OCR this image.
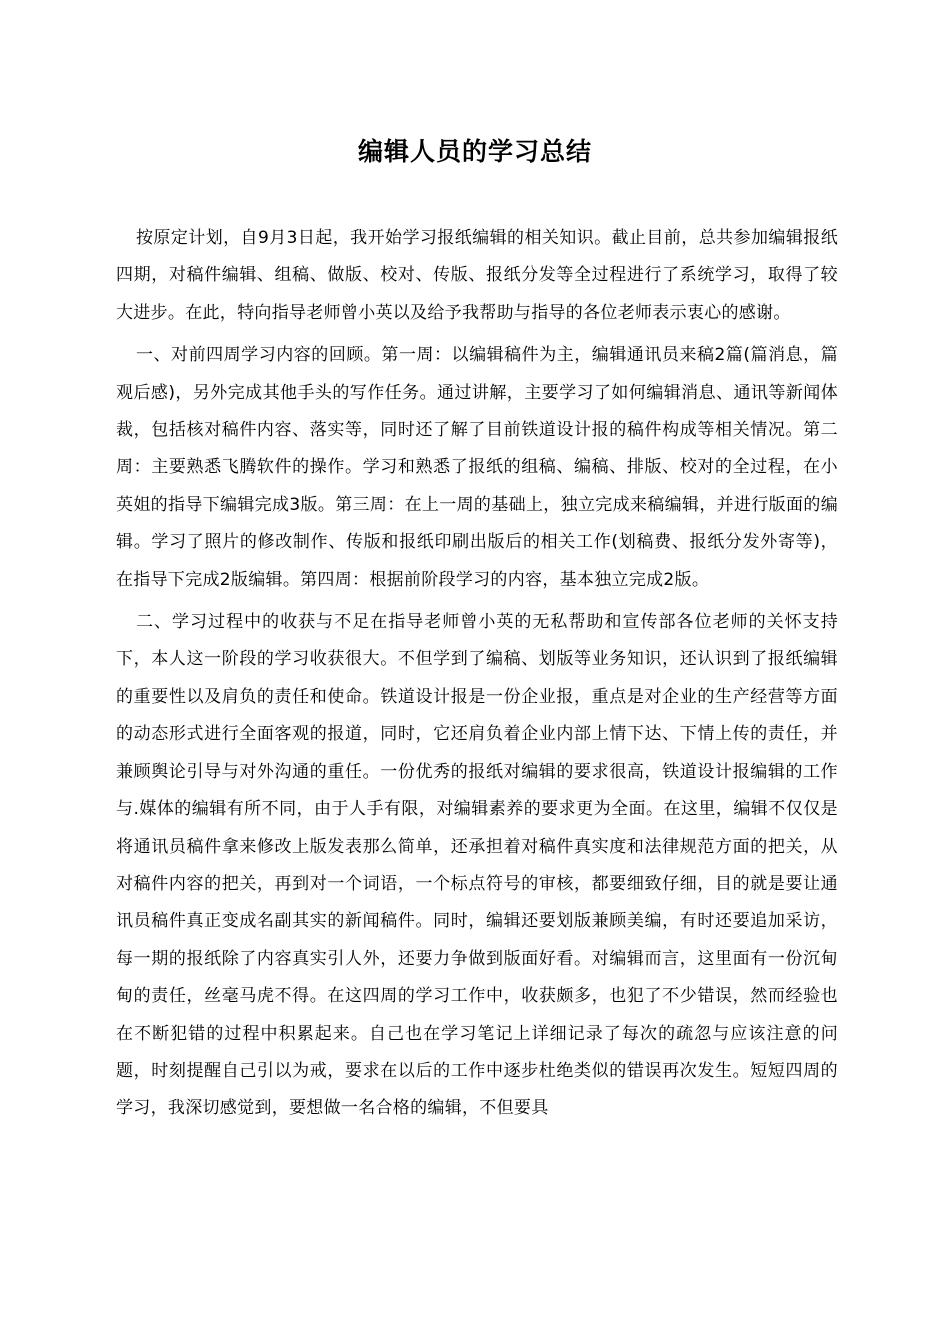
编辑人员的学习总结

按原定计划，自9月3日起，我开始学习报纸编辑的相关知识。截止目前，总共参加编辑报纸四期，对稿件编辑、组稿、做版、校对、传版、报纸分发等全过程进行了系统学习，取得了较大进步。在此，特向指导老师曾小英以及给予我帮助与指导的各位老师表示衷心的感谢。

一、对前四周学习内容的回顾。第一周：以编辑稿件为主，编辑通讯员来稿2篇(篇消息，篇观后感)，另外完成其他手头的写作任务。通过讲解，主要学习了如何编辑消息、通讯等新闻体裁，包括核对稿件内容、落实等，同时还了解了目前铁道设计报的稿件构成等相关情况。第二周：主要熟悉飞腾软件的操作。学习和熟悉了报纸的组稿、编稿、排版、校对的全过程，在小英姐的指导下编辑完成3版。第三周：在上一周的基础上，独立完成来稿编辑，并进行版面的编辑。学习了照片的修改制作、传版和报纸印刷出版后的相关工作(划稿费、报纸分发外寄等)，在指导下完成2版编辑。第四周：根据前阶段学习的内容，基本独立完成2版。

二、学习过程中的收获与不足在指导老师曾小英的无私帮助和宣传部各位老师的关怀支持下，本人这一阶段的学习收获很大。不但学到了编稿、划版等业务知识，还认识到了报纸编辑的重要性以及肩负的责任和使命。铁道设计报是一份企业报，重点是对企业的生产经营等方面的动态形式进行全面客观的报道，同时，它还肩负着企业内部上情下达、下情上传的责任，并兼顾舆论引导与对外沟通的重任。一份优秀的报纸对编辑的要求很高，铁道设计报编辑的工作与.媒体的编辑有所不同，由于人手有限，对编辑素养的要求更为全面。在这里，编辑不仅仅是将通讯员稿件拿来修改上版发表那么简单，还承担着对稿件真实度和法律规范方面的把关，从对稿件内容的把关，再到对一个词语，一个标点符号的审核，都要细致仔细，目的就是要让通讯员稿件真正变成名副其实的新闻稿件。同时，编辑还要划版兼顾美编，有时还要追加采访，每一期的报纸除了内容真实引人外，还要力争做到版面好看。对编辑而言，这里面有一份沉甸甸的责任，丝毫马虎不得。在这四周的学习工作中，收获颇多，也犯了不少错误，然而经验也在不断犯错的过程中积累起来。自己也在学习笔记上详细记录了每次的疏忽与应该注意的问题，时刻提醒自己引以为戒，要求在以后的工作中逐步杜绝类似的错误再次发生。短短四周的学习，我深切感觉到，要想做一名合格的编辑，不但要具
